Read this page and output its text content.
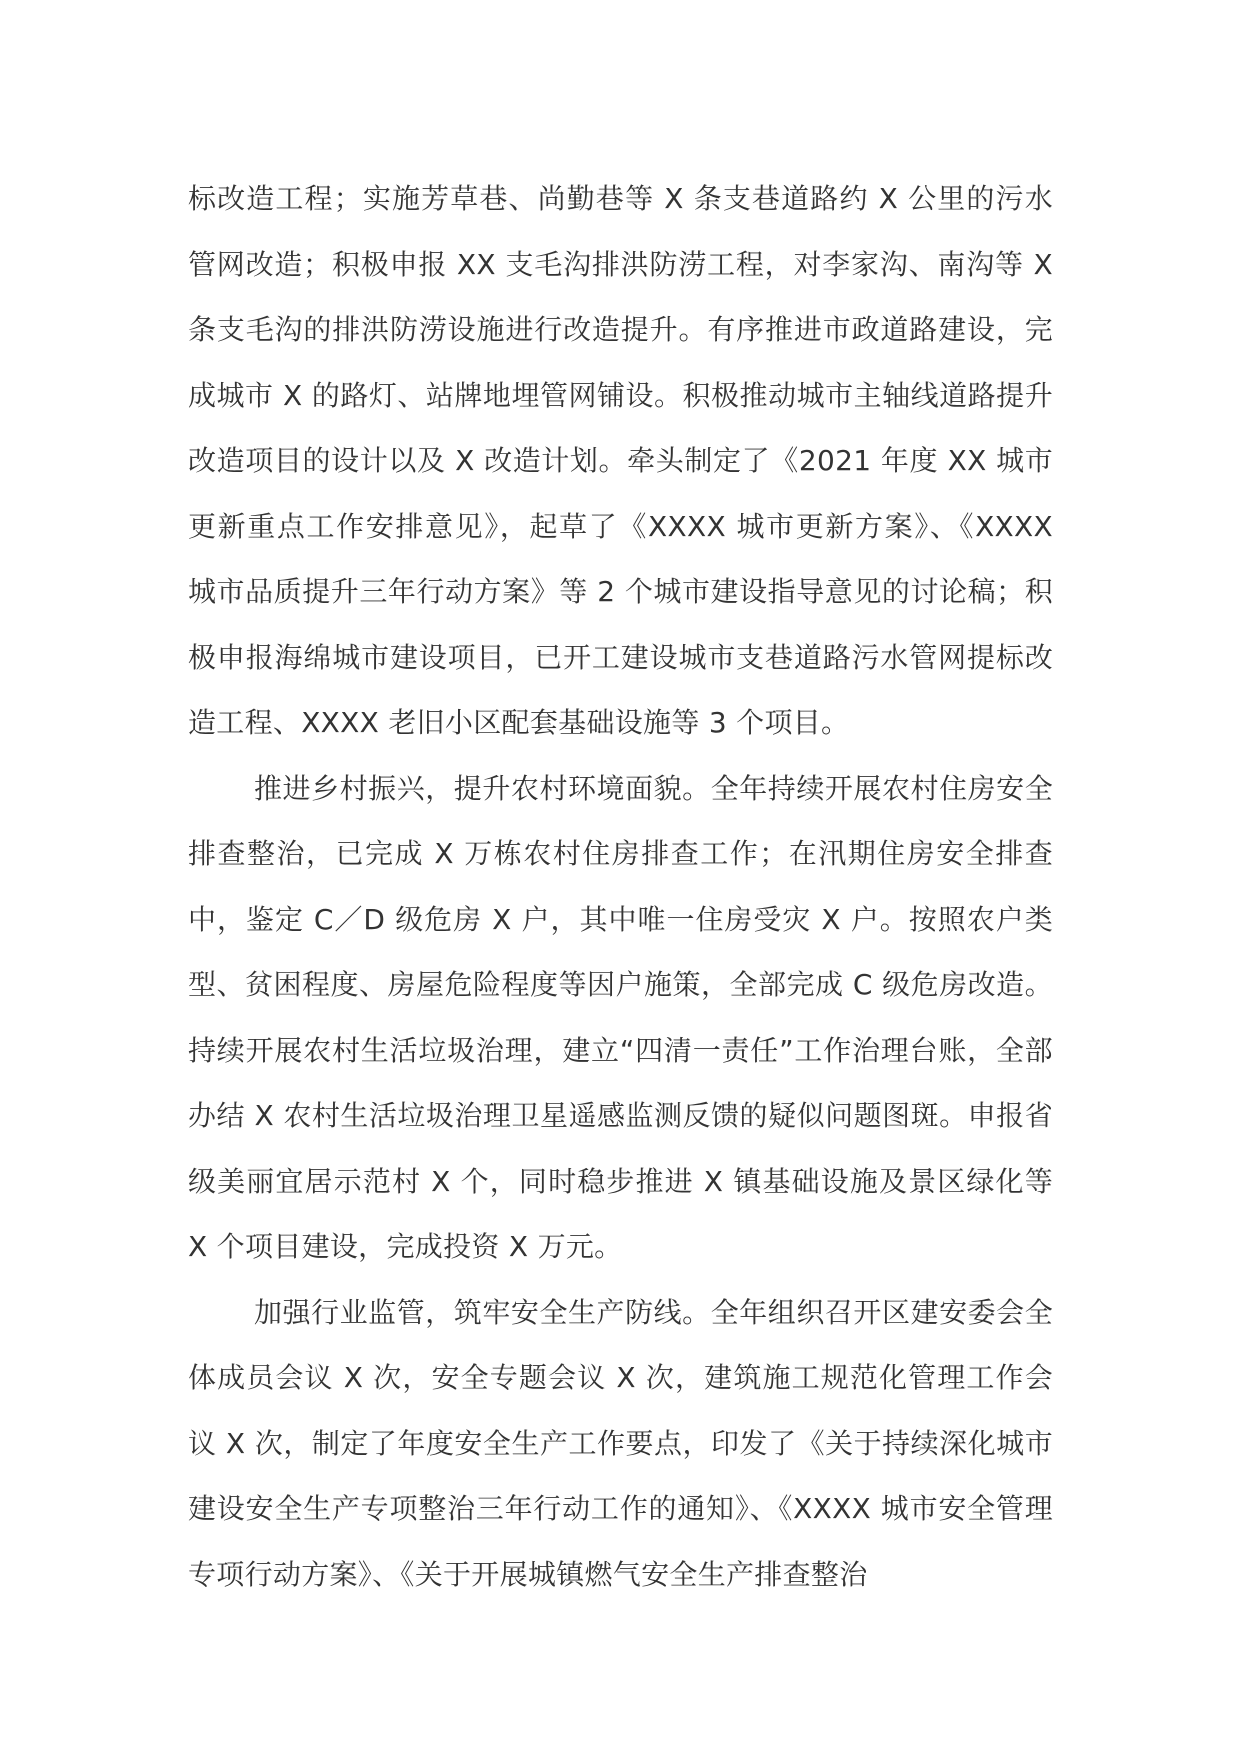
标改造工程；实施芳草巷、尚勤巷等 X 条支巷道路约 X 公里的污水管网改造；积极申报 XX 支毛沟排洪防涝工程，对李家沟、南沟等 X 条支毛沟的排洪防涝设施进行改造提升。有序推进市政道路建设，完成城市 X 的路灯、站牌地埋管网铺设。积极推动城市主轴线道路提升改造项目的设计以及 X 改造计划。牵头制定了《2021 年度 XX 城市更新重点工作安排意见》，起草了《XXXX 城市更新方案》、《XXXX 城市品质提升三年行动方案》等 2 个城市建设指导意见的讨论稿；积极申报海绵城市建设项目，已开工建设城市支巷道路污水管网提标改造工程、XXXX 老旧小区配套基础设施等 3 个项目。

推进乡村振兴，提升农村环境面貌。全年持续开展农村住房安全排查整治，已完成 X 万栋农村住房排查工作；在汛期住房安全排查中，鉴定 C／D 级危房 X 户，其中唯一住房受灾 X 户。按照农户类型、贫困程度、房屋危险程度等因户施策，全部完成 C 级危房改造。持续开展农村生活垃圾治理，建立“四清一责任”工作治理台账，全部办结 X 农村生活垃圾治理卫星遥感监测反馈的疑似问题图斑。申报省级美丽宜居示范村 X 个，同时稳步推进 X 镇基础设施及景区绿化等 X 个项目建设，完成投资 X 万元。

加强行业监管，筑牢安全生产防线。全年组织召开区建安委会全体成员会议 X 次，安全专题会议 X 次，建筑施工规范化管理工作会议 X 次，制定了年度安全生产工作要点，印发了《关于持续深化城市建设安全生产专项整治三年行动工作的通知》、《XXXX 城市安全管理专项行动方案》、《关于开展城镇燃气安全生产排查整治
